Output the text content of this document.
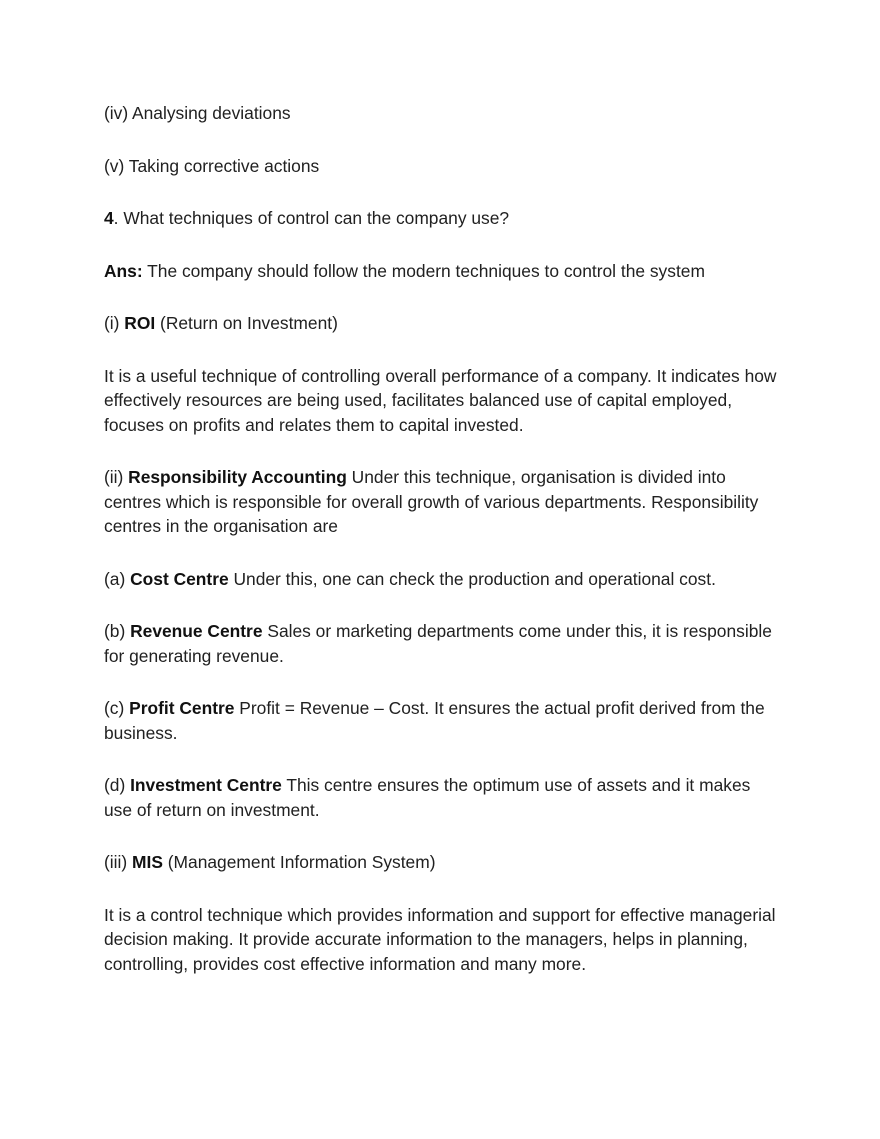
(iv) Analysing deviations

(v) Taking corrective actions

4. What techniques of control can the company use?

Ans: The company should follow the modern techniques to control the system

(i) ROI (Return on Investment)

It is a useful technique of controlling overall performance of a company. It indicates how effectively resources are being used, facilitates balanced use of capital employed, focuses on profits and relates them to capital invested.

(ii) Responsibility Accounting Under this technique, organisation is divided into centres which is responsible for overall growth of various departments. Responsibility centres in the organisation are

(a) Cost Centre Under this, one can check the production and operational cost.

(b) Revenue Centre Sales or marketing departments come under this, it is responsible for generating revenue.

(c) Profit Centre Profit = Revenue – Cost. It ensures the actual profit derived from the business.

(d) Investment Centre This centre ensures the optimum use of assets and it makes use of return on investment.

(iii) MIS (Management Information System)

It is a control technique which provides information and support for effective managerial decision making. It provide accurate information to the managers, helps in planning, controlling, provides cost effective information and many more.
